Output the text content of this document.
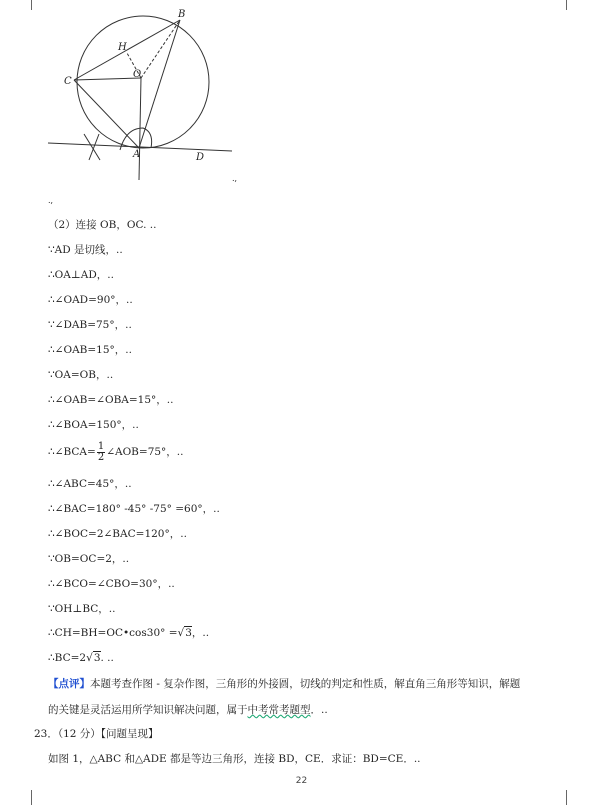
B
H
O
C
A	D
.,
.,
（2）连接 OB，OC. ..
∵AD 是切线，..
∴OA⊥AD，..
∴∠OAD=90°，..
∵∠DAB=75°，..
∴∠OAB=15°，..
∵OA=OB，..
∴∠OAB=∠OBA=15°，..
∴∠BOA=150°，..
∴∠BCA= $\frac{1}{2}$ ∠AOB=75°，..
∴∠ABC=45°，..
∴∠BAC=180° -45° -75° =60°，..
∴∠BOC=2∠BAC=120°，..
∵OB=OC=2，..
∴∠BCO=∠CBO=30°，..
∵OH⊥BC，..
∴CH=BH=OC•cos30° =√3，..
∴BC=2√3. ..
【点评】本题考查作图 - 复杂作图，三角形的外接圆，切线的判定和性质，解直角三角形等知识，解题
的关键是灵活运用所学知识解决问题，属于中考常考题型．..
23．（12 分）【问题呈现】
如图 1，△ABC 和△ADE 都是等边三角形，连接 BD，CE．求证：BD=CE．..
22
